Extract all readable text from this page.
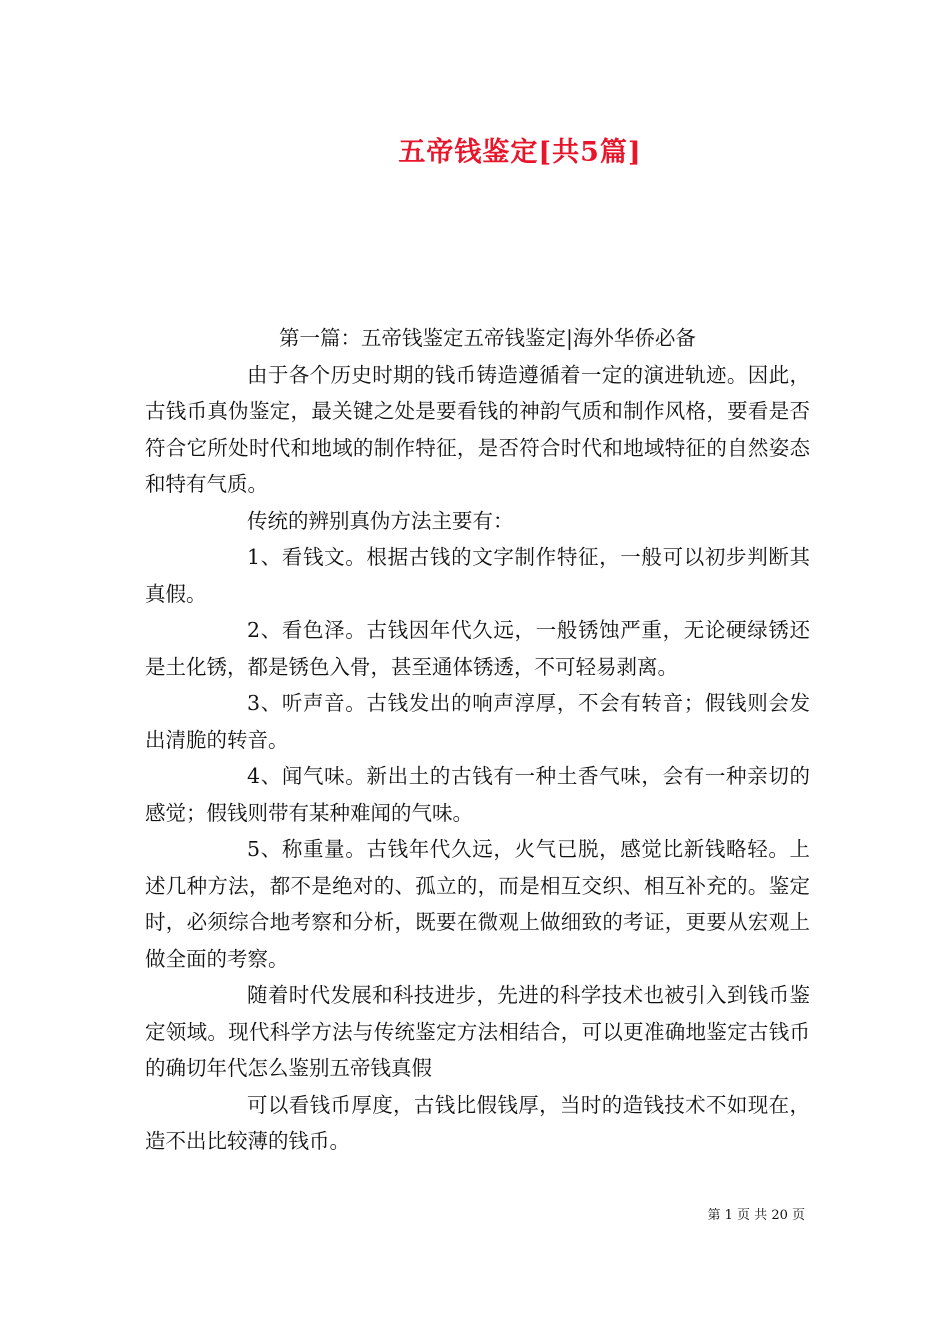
五帝钱鉴定[共5篇]

第一篇：五帝钱鉴定五帝钱鉴定|海外华侨必备

由于各个历史时期的钱币铸造遵循着一定的演进轨迹。因此，古钱币真伪鉴定，最关键之处是要看钱的神韵气质和制作风格，要看是否符合它所处时代和地域的制作特征，是否符合时代和地域特征的自然姿态和特有气质。

传统的辨别真伪方法主要有：

1、看钱文。根据古钱的文字制作特征，一般可以初步判断其真假。

2、看色泽。古钱因年代久远，一般锈蚀严重，无论硬绿锈还是土化锈，都是锈色入骨，甚至通体锈透，不可轻易剥离。

3、听声音。古钱发出的响声淳厚，不会有转音；假钱则会发出清脆的转音。

4、闻气味。新出土的古钱有一种土香气味，会有一种亲切的感觉；假钱则带有某种难闻的气味。

5、称重量。古钱年代久远，火气已脱，感觉比新钱略轻。上述几种方法，都不是绝对的、孤立的，而是相互交织、相互补充的。鉴定时，必须综合地考察和分析，既要在微观上做细致的考证，更要从宏观上做全面的考察。

随着时代发展和科技进步，先进的科学技术也被引入到钱币鉴定领域。现代科学方法与传统鉴定方法相结合，可以更准确地鉴定古钱币的确切年代怎么鉴别五帝钱真假

可以看钱币厚度，古钱比假钱厚，当时的造钱技术不如现在，造不出比较薄的钱币。

第 1 页 共 20 页
